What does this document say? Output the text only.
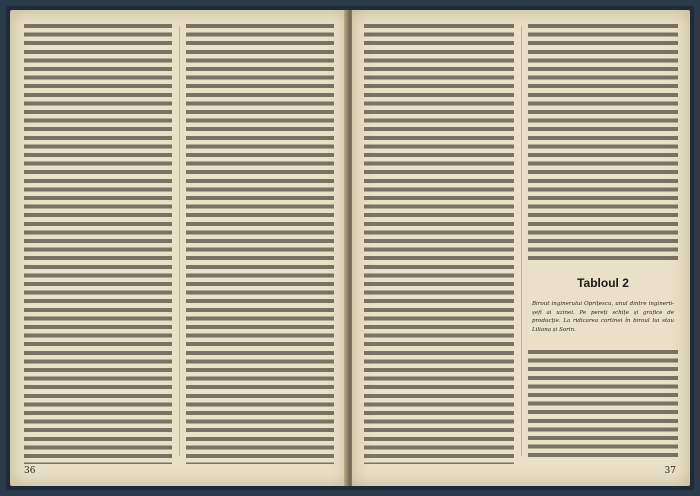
36
Tabloul 2
Birout inginerului Oprițescu, unul dintre inginerii-șefi ai uzinei. Pe pereți schițe și grafice de producție. La ridicarea cortinei în biroul lui stau Liliana și Sorin.
37
